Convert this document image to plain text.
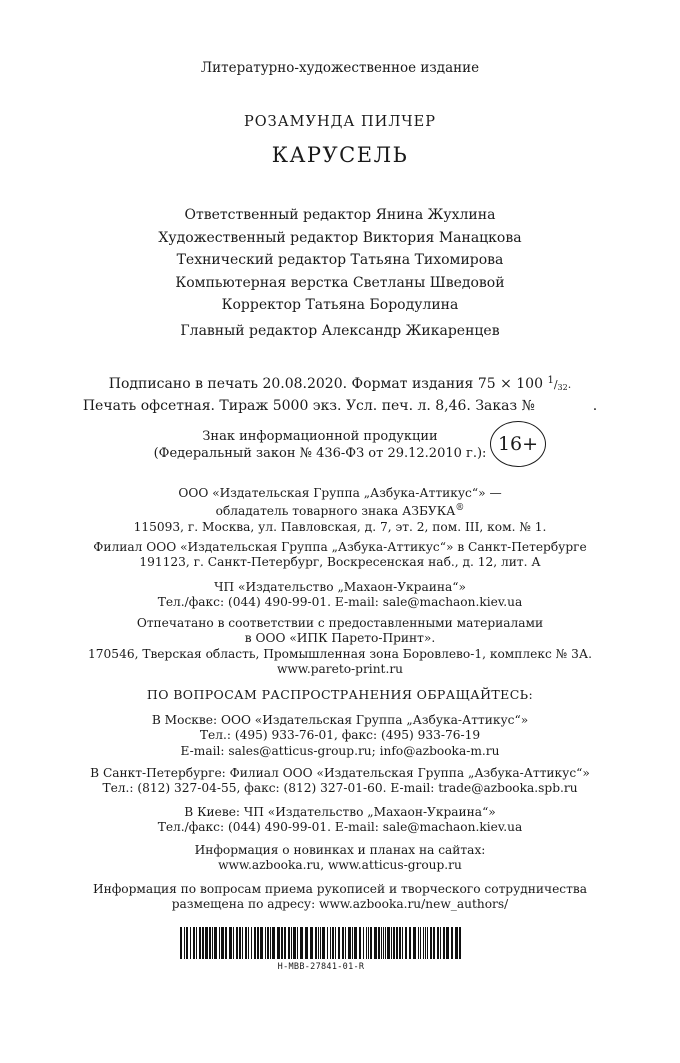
Литературно-художественное издание
РОЗАМУНДА ПИЛЧЕР
КАРУСЕЛЬ
Ответственный редактор Янина Жухлина
Художественный редактор Виктория Манацкова
Технический редактор Татьяна Тихомирова
Компьютерная верстка Светланы Шведовой
Корректор Татьяна Бородулина
Главный редактор Александр Жикаренцев
Подписано в печать 20.08.2020. Формат издания 75 × 100 $^1/_{32}$.
Печать офсетная. Тираж 5000 экз. Усл. печ. л. 8,46. Заказ №             .
Знак информационной продукции
(Федеральный закон № 436-ФЗ от 29.12.2010 г.): 16+
ООО «Издательская Группа „Азбука-Аттикус“» —
обладатель товарного знака АЗБУКА®
115093, г. Москва, ул. Павловская, д. 7, эт. 2, пом. III, ком. № 1.
Филиал ООО «Издательская Группа „Азбука-Аттикус“» в Санкт-Петербурге
191123, г. Санкт-Петербург, Воскресенская наб., д. 12, лит. А
ЧП «Издательство „Махаон-Украина“»
Тел./факс: (044) 490-99-01. E-mail: sale@machaon.kiev.ua
Отпечатано в соответствии с предоставленными материалами
в ООО «ИПК Парето-Принт».
170546, Тверская область, Промышленная зона Боровлево-1, комплекс № 3А.
www.pareto-print.ru
ПО ВОПРОСАМ РАСПРОСТРАНЕНИЯ ОБРАЩАЙТЕСЬ:
В Москве: ООО «Издательская Группа „Азбука-Аттикус“»
Тел.: (495) 933-76-01, факс: (495) 933-76-19
E-mail: sales@atticus-group.ru; info@azbooka-m.ru
В Санкт-Петербурге: Филиал ООО «Издательская Группа „Азбука-Аттикус“»
Тел.: (812) 327-04-55, факс: (812) 327-01-60. E-mail: trade@azbooka.spb.ru
В Киеве: ЧП «Издательство „Махаон-Украина“»
Тел./факс: (044) 490-99-01. E-mail: sale@machaon.kiev.ua
Информация о новинках и планах на сайтах:
www.azbooka.ru, www.atticus-group.ru
Информация по вопросам приема рукописей и творческого сотрудничества
размещена по адресу: www.azbooka.ru/new_authors/
Н-МВВ-27841-01-R
